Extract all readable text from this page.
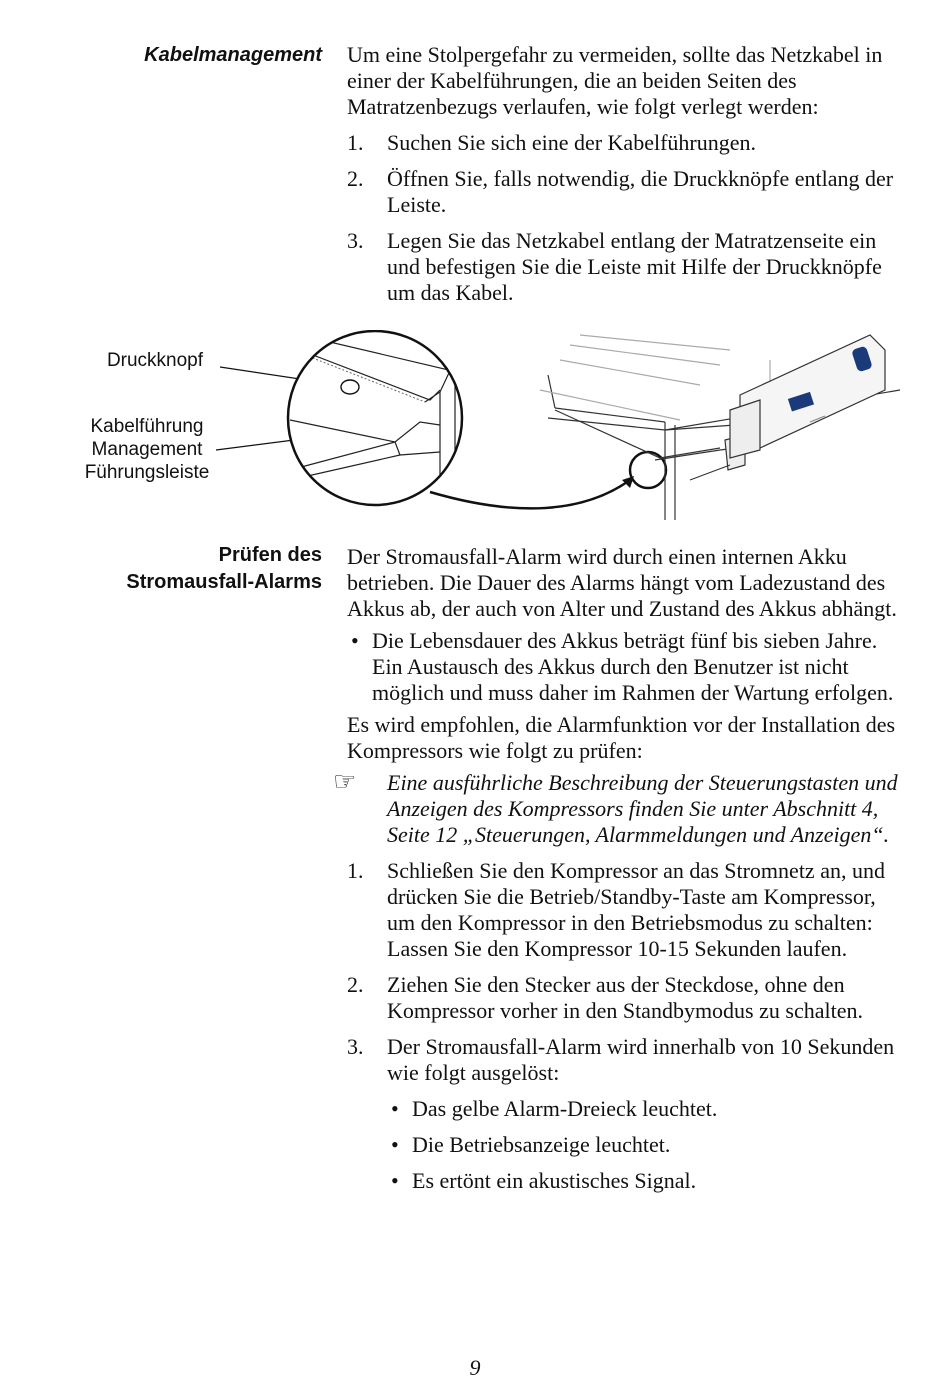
Kabelmanagement Um eine Stolpergefahr zu vermeiden, sollte das Netzkabel in einer der Kabelführungen, die an beiden Seiten des Matratzenbezugs verlaufen, wie folgt verlegt werden:

1. Suchen Sie sich eine der Kabelführungen.
2. Öffnen Sie, falls notwendig, die Druckknöpfe entlang der Leiste.
3. Legen Sie das Netzkabel entlang der Matratzenseite ein und befestigen Sie die Leiste mit Hilfe der Druckknöpfe um das Kabel.
Druckknopf
Kabelführung
Management
Führungsleiste
Prüfen des
Stromausfall-Alarms

Der Stromausfall-Alarm wird durch einen internen Akku betrieben. Die Dauer des Alarms hängt vom Ladezustand des Akkus ab, der auch von Alter und Zustand des Akkus abhängt.

• Die Lebensdauer des Akkus beträgt fünf bis sieben Jahre. Ein Austausch des Akkus durch den Benutzer ist nicht möglich und muss daher im Rahmen der Wartung erfolgen.

Es wird empfohlen, die Alarmfunktion vor der Installation des Kompressors wie folgt zu prüfen:

☞ Eine ausführliche Beschreibung der Steuerungstasten und Anzeigen des Kompressors finden Sie unter Abschnitt 4, Seite 12 „Steuerungen, Alarmmeldungen und Anzeigen“.
1. Schließen Sie den Kompressor an das Stromnetz an, und drücken Sie die Betrieb/Standby-Taste am Kompressor, um den Kompressor in den Betriebsmodus zu schalten: Lassen Sie den Kompressor 10-15 Sekunden laufen.
2. Ziehen Sie den Stecker aus der Steckdose, ohne den Kompressor vorher in den Standbymodus zu schalten.
3. Der Stromausfall-Alarm wird innerhalb von 10 Sekunden wie folgt ausgelöst:
• Das gelbe Alarm-Dreieck leuchtet.
• Die Betriebsanzeige leuchtet.
• Es ertönt ein akustisches Signal.
9
